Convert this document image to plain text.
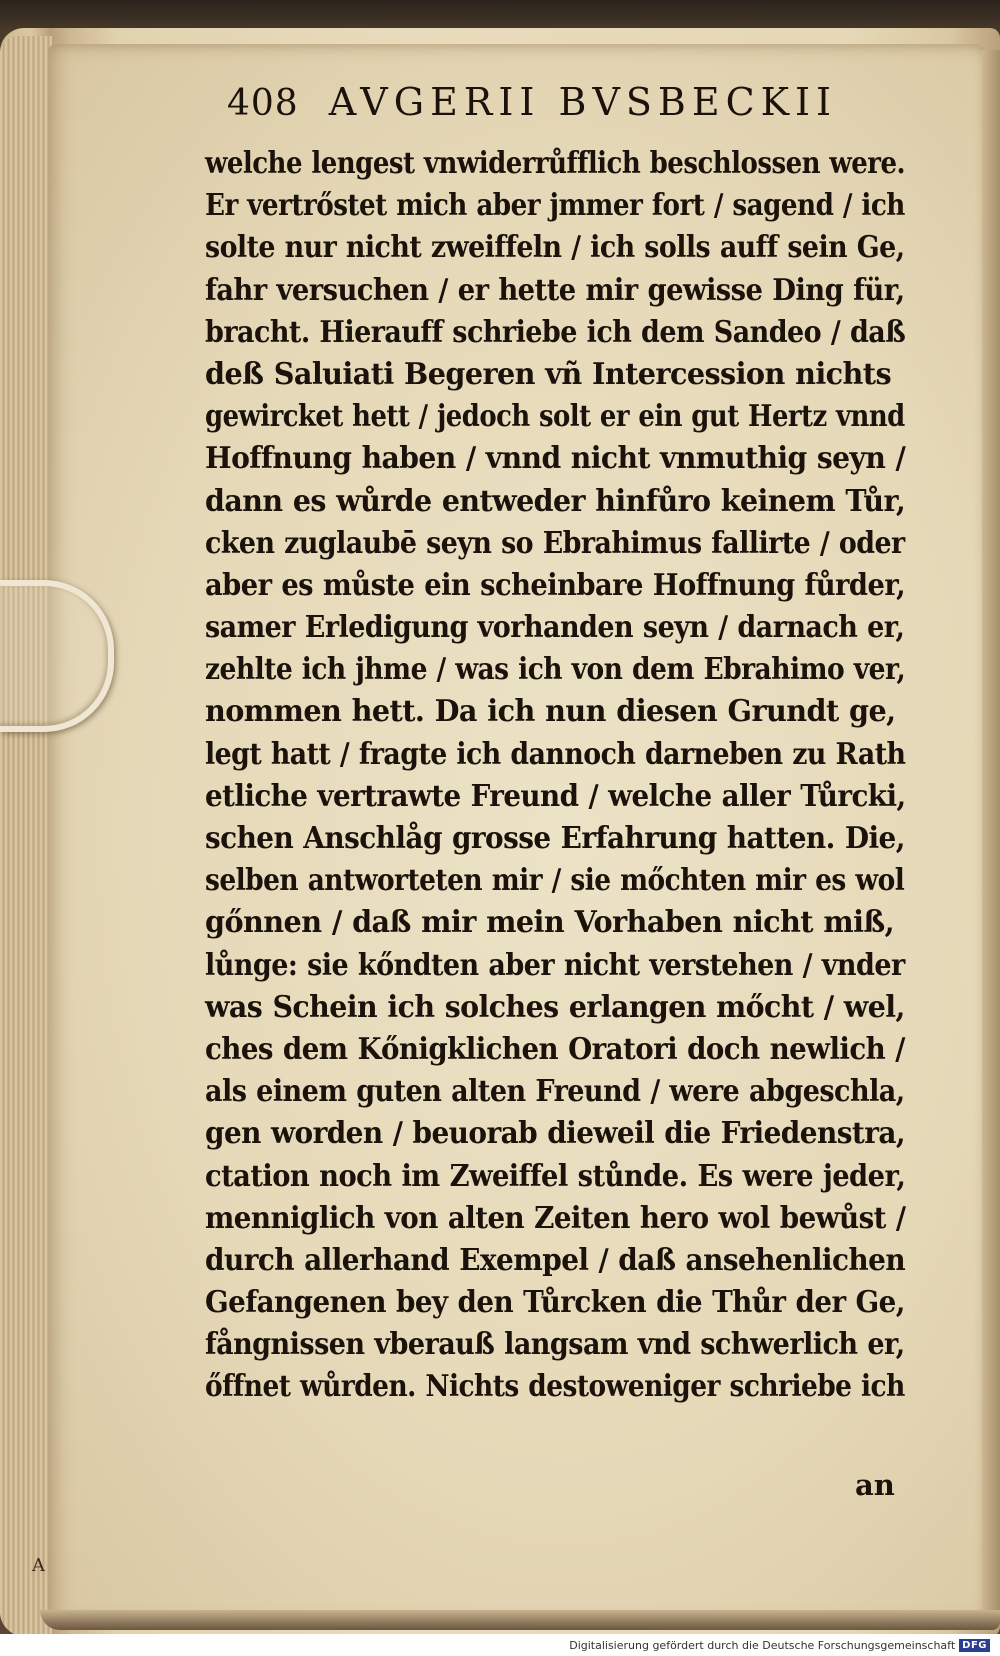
408 AVGERII BVSBECKII
welche lengest vnwiderrůfflich beschlossen were.
Er vertrőstet mich aber jmmer fort / sagend / ich
solte nur nicht zweiffeln / ich solls auff sein Ge,
fahr versuchen / er hette mir gewisse Ding für,
bracht. Hierauff schriebe ich dem Sandeo / daß
deß Saluiati Begeren vñ Intercession nichts
gewircket hett / jedoch solt er ein gut Hertz vnnd
Hoffnung haben / vnnd nicht vnmuthig seyn /
dann es wůrde entweder hinfůro keinem Tůr,
cken zuglaubē seyn so Ebrahimus fallirte / oder
aber es můste ein scheinbare Hoffnung fůrder,
samer Erledigung vorhanden seyn / darnach er,
zehlte ich jhme / was ich von dem Ebrahimo ver,
nommen hett. Da ich nun diesen Grundt ge,
legt hatt / fragte ich dannoch darneben zu Rath
etliche vertrawte Freund / welche aller Tůrcki,
schen Anschlåg grosse Erfahrung hatten. Die,
selben antworteten mir / sie mőchten mir es wol
gőnnen / daß mir mein Vorhaben nicht miß,
lůnge: sie kőndten aber nicht verstehen / vnder
was Schein ich solches erlangen mőcht / wel,
ches dem Kőnigklichen Oratori doch newlich /
als einem guten alten Freund / were abgeschla,
gen worden / beuorab dieweil die Friedenstra,
ctation noch im Zweiffel stůnde. Es were jeder,
menniglich von alten Zeiten hero wol bewůst /
durch allerhand Exempel / daß ansehenlichen
Gefangenen bey den Tůrcken die Thůr der Ge,
fångnissen vberauß langsam vnd schwerlich er,
őffnet wůrden. Nichts destoweniger schriebe ich
an
A
Digitalisierung gefördert durch die Deutsche Forschungsgemeinschaft DFG
